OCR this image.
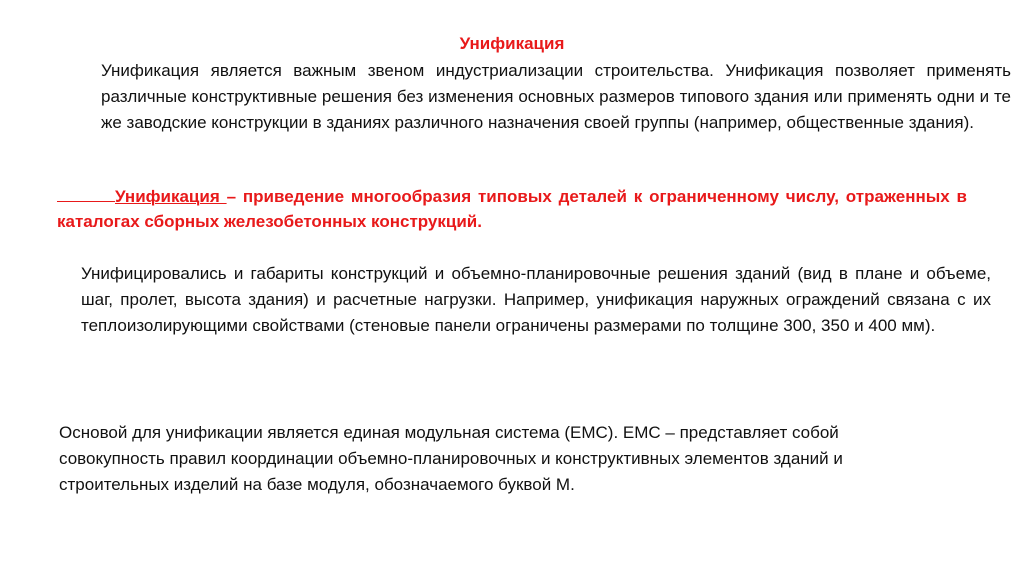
Унификация

Унификация является важным звеном индустриализации строительства. Унификация позволяет применять различные конструктивные решения без изменения основных размеров типового здания или применять одни и те же заводские конструкции в зданиях различного назначения своей группы (например, общественные здания).

Унификация – приведение многообразия типовых деталей к ограниченному числу, отраженных в каталогах сборных железобетонных конструкций.

Унифицировались и габариты конструкций и объемно-планировочные решения зданий (вид в плане и объеме, шаг, пролет, высота здания) и расчетные нагрузки. Например, унификация наружных ограждений связана с их теплоизолирующими свойствами (стеновые панели ограничены размерами по толщине 300, 350 и 400 мм).

Основой для унификации является единая модульная система (ЕМС). ЕМС – представляет собой совокупность правил координации объемно-планировочных и конструктивных элементов зданий и строительных изделий на базе модуля, обозначаемого буквой М.
